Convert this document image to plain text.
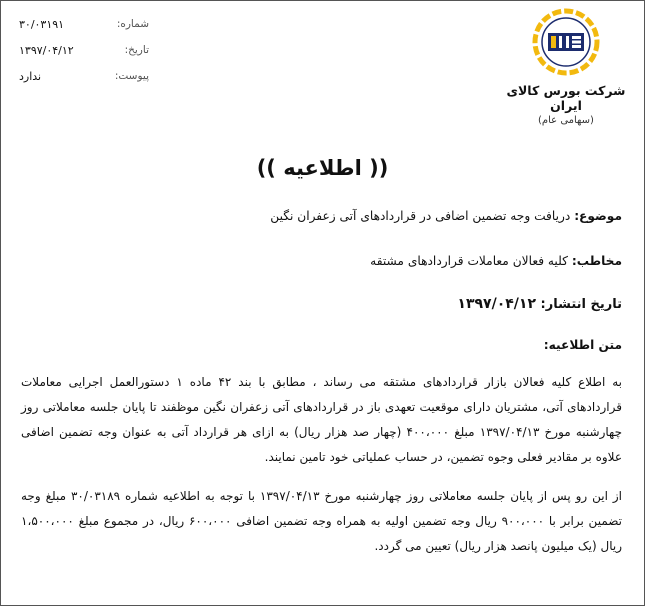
شماره:
۳۰/۰۳۱۹۱
تاریخ:
۱۳۹۷/۰۴/۱۲
پیوست:
ندارد
شرکت بورس کالای ایران
(سهامی عام)
(( اطلاعیه ))
موضوع: دریافت وجه تضمین اضافی در قراردادهای آتی زعفران نگین
مخاطب: کلیه فعالان معاملات قراردادهای مشتقه
تاریخ انتشار: ۱۳۹۷/۰۴/۱۲
متن اطلاعیه:

به اطلاع کلیه فعالان بازار قراردادهای مشتقه می رساند ، مطابق با بند ۴۲ ماده ۱ دستورالعمل اجرایی معاملات قراردادهای آتی، مشتریان دارای موقعیت تعهدی باز در قراردادهای آتی زعفران نگین موظفند تا پایان جلسه معاملاتی روز چهارشنبه مورخ ۱۳۹۷/۰۴/۱۳ مبلغ ۴۰۰،۰۰۰ (چهار صد هزار ریال) به ازای هر قرارداد آتی به عنوان وجه تضمین اضافی علاوه بر مقادیر فعلی وجوه تضمین، در حساب عملیاتی خود تامین نمایند.

از این رو پس از پایان جلسه معاملاتی روز چهارشنبه مورخ ۱۳۹۷/۰۴/۱۳ با توجه به اطلاعیه شماره ۳۰/۰۳۱۸۹ مبلغ وجه تضمین برابر با ۹۰۰،۰۰۰ ریال وجه تضمین اولیه به همراه وجه تضمین اضافی ۶۰۰،۰۰۰ ریال، در مجموع مبلغ ۱،۵۰۰،۰۰۰ ریال (یک میلیون پانصد هزار ریال) تعیین می گردد.
